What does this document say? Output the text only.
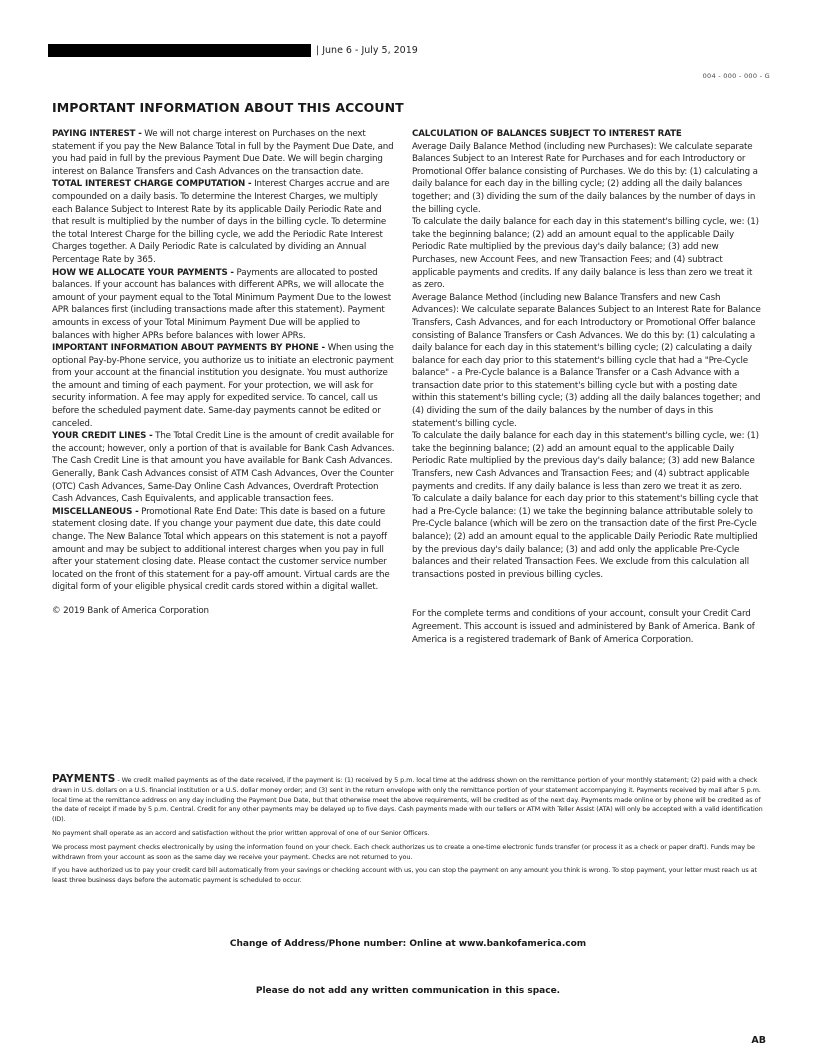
| June 6 - July 5, 2019
004 - 000 - 000 - G
IMPORTANT INFORMATION ABOUT THIS ACCOUNT

PAYING INTEREST - We will not charge interest on Purchases on the next statement if you pay the New Balance Total in full by the Payment Due Date, and you had paid in full by the previous Payment Due Date. We will begin charging interest on Balance Transfers and Cash Advances on the transaction date.

TOTAL INTEREST CHARGE COMPUTATION - Interest Charges accrue and are compounded on a daily basis. To determine the Interest Charges, we multiply each Balance Subject to Interest Rate by its applicable Daily Periodic Rate and that result is multiplied by the number of days in the billing cycle. To determine the total Interest Charge for the billing cycle, we add the Periodic Rate Interest Charges together. A Daily Periodic Rate is calculated by dividing an Annual Percentage Rate by 365.

HOW WE ALLOCATE YOUR PAYMENTS - Payments are allocated to posted balances. If your account has balances with different APRs, we will allocate the amount of your payment equal to the Total Minimum Payment Due to the lowest APR balances first (including transactions made after this statement). Payment amounts in excess of your Total Minimum Payment Due will be applied to balances with higher APRs before balances with lower APRs.

IMPORTANT INFORMATION ABOUT PAYMENTS BY PHONE - When using the optional Pay-by-Phone service, you authorize us to initiate an electronic payment from your account at the financial institution you designate. You must authorize the amount and timing of each payment. For your protection, we will ask for security information. A fee may apply for expedited service. To cancel, call us before the scheduled payment date. Same-day payments cannot be edited or canceled.

YOUR CREDIT LINES - The Total Credit Line is the amount of credit available for the account; however, only a portion of that is available for Bank Cash Advances. The Cash Credit Line is that amount you have available for Bank Cash Advances. Generally, Bank Cash Advances consist of ATM Cash Advances, Over the Counter (OTC) Cash Advances, Same-Day Online Cash Advances, Overdraft Protection Cash Advances, Cash Equivalents, and applicable transaction fees.

MISCELLANEOUS - Promotional Rate End Date: This date is based on a future statement closing date. If you change your payment due date, this date could change. The New Balance Total which appears on this statement is not a payoff amount and may be subject to additional interest charges when you pay in full after your statement closing date. Please contact the customer service number located on the front of this statement for a pay-off amount. Virtual cards are the digital form of your eligible physical credit cards stored within a digital wallet.

© 2019 Bank of America Corporation

CALCULATION OF BALANCES SUBJECT TO INTEREST RATE

Average Daily Balance Method (including new Purchases): We calculate separate Balances Subject to an Interest Rate for Purchases and for each Introductory or Promotional Offer balance consisting of Purchases. We do this by: (1) calculating a daily balance for each day in the billing cycle; (2) adding all the daily balances together; and (3) dividing the sum of the daily balances by the number of days in the billing cycle.

To calculate the daily balance for each day in this statement's billing cycle, we: (1) take the beginning balance; (2) add an amount equal to the applicable Daily Periodic Rate multiplied by the previous day's daily balance; (3) add new Purchases, new Account Fees, and new Transaction Fees; and (4) subtract applicable payments and credits. If any daily balance is less than zero we treat it as zero.

Average Balance Method (including new Balance Transfers and new Cash Advances): We calculate separate Balances Subject to an Interest Rate for Balance Transfers, Cash Advances, and for each Introductory or Promotional Offer balance consisting of Balance Transfers or Cash Advances. We do this by: (1) calculating a daily balance for each day in this statement's billing cycle; (2) calculating a daily balance for each day prior to this statement's billing cycle that had a "Pre-Cycle balance" - a Pre-Cycle balance is a Balance Transfer or a Cash Advance with a transaction date prior to this statement's billing cycle but with a posting date within this statement's billing cycle; (3) adding all the daily balances together; and (4) dividing the sum of the daily balances by the number of days in this statement's billing cycle.

To calculate the daily balance for each day in this statement's billing cycle, we: (1) take the beginning balance; (2) add an amount equal to the applicable Daily Periodic Rate multiplied by the previous day's daily balance; (3) add new Balance Transfers, new Cash Advances and Transaction Fees; and (4) subtract applicable payments and credits. If any daily balance is less than zero we treat it as zero.

To calculate a daily balance for each day prior to this statement's billing cycle that had a Pre-Cycle balance: (1) we take the beginning balance attributable solely to Pre-Cycle balance (which will be zero on the transaction date of the first Pre-Cycle balance); (2) add an amount equal to the applicable Daily Periodic Rate multiplied by the previous day's daily balance; (3) and add only the applicable Pre-Cycle balances and their related Transaction Fees. We exclude from this calculation all transactions posted in previous billing cycles.

For the complete terms and conditions of your account, consult your Credit Card Agreement. This account is issued and administered by Bank of America. Bank of America is a registered trademark of Bank of America Corporation.

PAYMENTS - We credit mailed payments as of the date received, if the payment is: (1) received by 5 p.m. local time at the address shown on the remittance portion of your monthly statement; (2) paid with a check drawn in U.S. dollars on a U.S. financial institution or a U.S. dollar money order; and (3) sent in the return envelope with only the remittance portion of your statement accompanying it. Payments received by mail after 5 p.m. local time at the remittance address on any day including the Payment Due Date, but that otherwise meet the above requirements, will be credited as of the next day. Payments made online or by phone will be credited as of the date of receipt if made by 5 p.m. Central. Credit for any other payments may be delayed up to five days. Cash payments made with our tellers or ATM with Teller Assist (ATA) will only be accepted with a valid identification (ID).

No payment shall operate as an accord and satisfaction without the prior written approval of one of our Senior Officers.

We process most payment checks electronically by using the information found on your check. Each check authorizes us to create a one-time electronic funds transfer (or process it as a check or paper draft). Funds may be withdrawn from your account as soon as the same day we receive your payment. Checks are not returned to you.

If you have authorized us to pay your credit card bill automatically from your savings or checking account with us, you can stop the payment on any amount you think is wrong. To stop payment, your letter must reach us at least three business days before the automatic payment is scheduled to occur.

Change of Address/Phone number: Online at www.bankofamerica.com
Please do not add any written communication in this space.
AB
